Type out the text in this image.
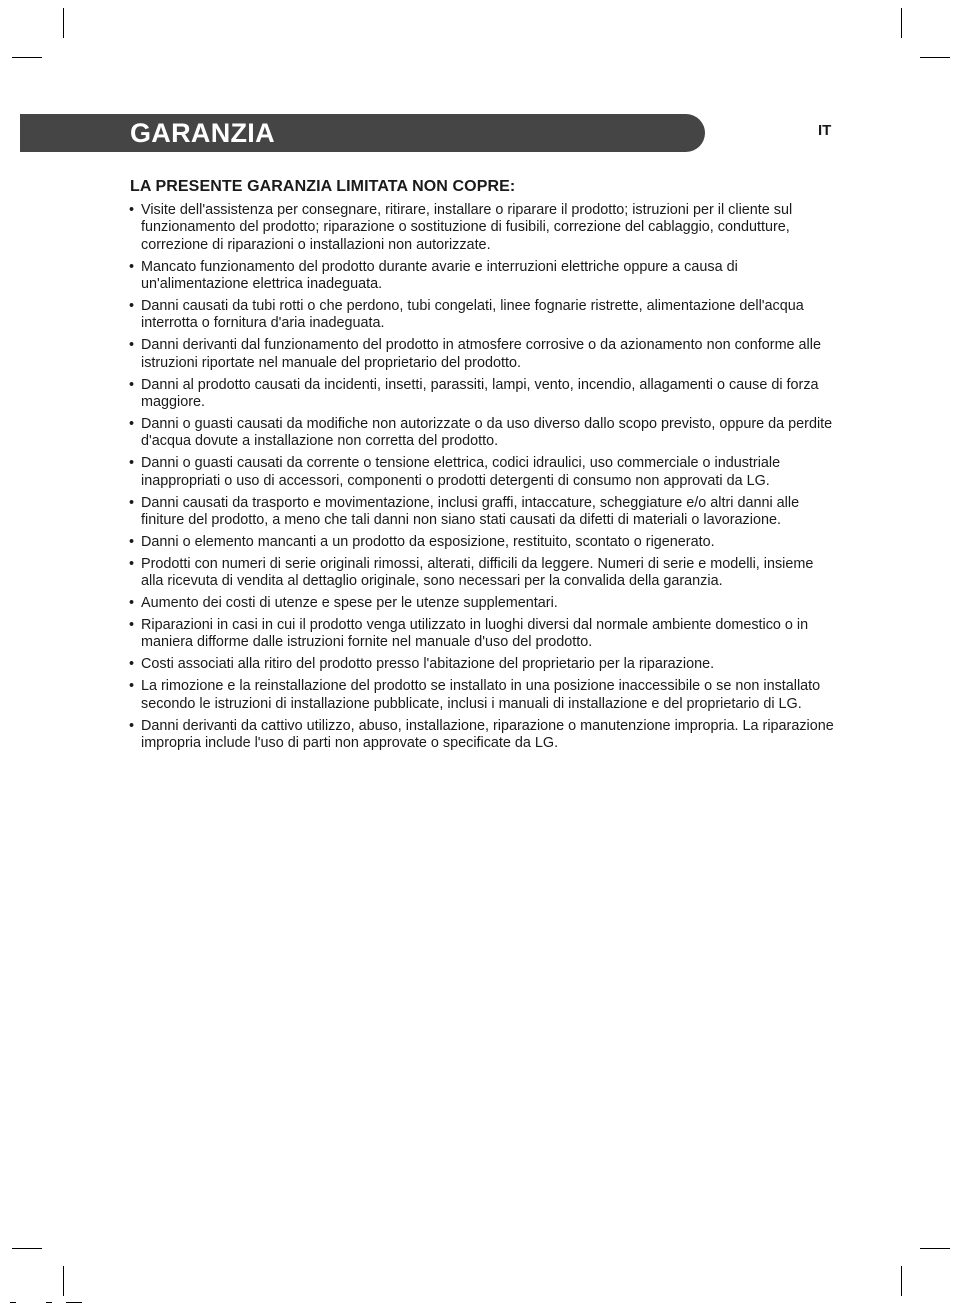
GARANZIA	IT
LA PRESENTE GARANZIA LIMITATA NON COPRE:
• Visite dell'assistenza per consegnare, ritirare, installare o riparare il prodotto; istruzioni per il cliente sul funzionamento del prodotto; riparazione o sostituzione di fusibili, correzione del cablaggio, condutture, correzione di riparazioni o installazioni non autorizzate.
• Mancato funzionamento del prodotto durante avarie e interruzioni elettriche oppure a causa di un'alimentazione elettrica inadeguata.
• Danni causati da tubi rotti o che perdono, tubi congelati, linee fognarie ristrette, alimentazione dell'acqua interrotta o fornitura d'aria inadeguata.
• Danni derivanti dal funzionamento del prodotto in atmosfere corrosive o da azionamento non conforme alle istruzioni riportate nel manuale del proprietario del prodotto.
• Danni al prodotto causati da incidenti, insetti, parassiti, lampi, vento, incendio, allagamenti o cause di forza maggiore.
• Danni o guasti causati da modifiche non autorizzate o da uso diverso dallo scopo previsto, oppure da perdite d'acqua dovute a installazione non corretta del prodotto.
• Danni o guasti causati da corrente o tensione elettrica, codici idraulici, uso commerciale o industriale inappropriati o uso di accessori, componenti o prodotti detergenti di consumo non approvati da LG.
• Danni causati da trasporto e movimentazione, inclusi graffi, intaccature, scheggiature e/o altri danni alle finiture del prodotto, a meno che tali danni non siano stati causati da difetti di materiali o lavorazione.
• Danni o elemento mancanti a un prodotto da esposizione, restituito, scontato o rigenerato.
• Prodotti con numeri di serie originali rimossi, alterati, difficili da leggere. Numeri di serie e modelli, insieme alla ricevuta di vendita al dettaglio originale, sono necessari per la convalida della garanzia.
• Aumento dei costi di utenze e spese per le utenze supplementari.
• Riparazioni in casi in cui il prodotto venga utilizzato in luoghi diversi dal normale ambiente domestico o in maniera difforme dalle istruzioni fornite nel manuale d'uso del prodotto.
• Costi associati alla ritiro del prodotto presso l'abitazione del proprietario per la riparazione.
• La rimozione e la reinstallazione del prodotto se installato in una posizione inaccessibile o se non installato secondo le istruzioni di installazione pubblicate, inclusi i manuali di installazione e del proprietario di LG.
• Danni derivanti da cattivo utilizzo, abuso, installazione, riparazione o manutenzione impropria. La riparazione impropria include l'uso di parti non approvate o specificate da LG.
